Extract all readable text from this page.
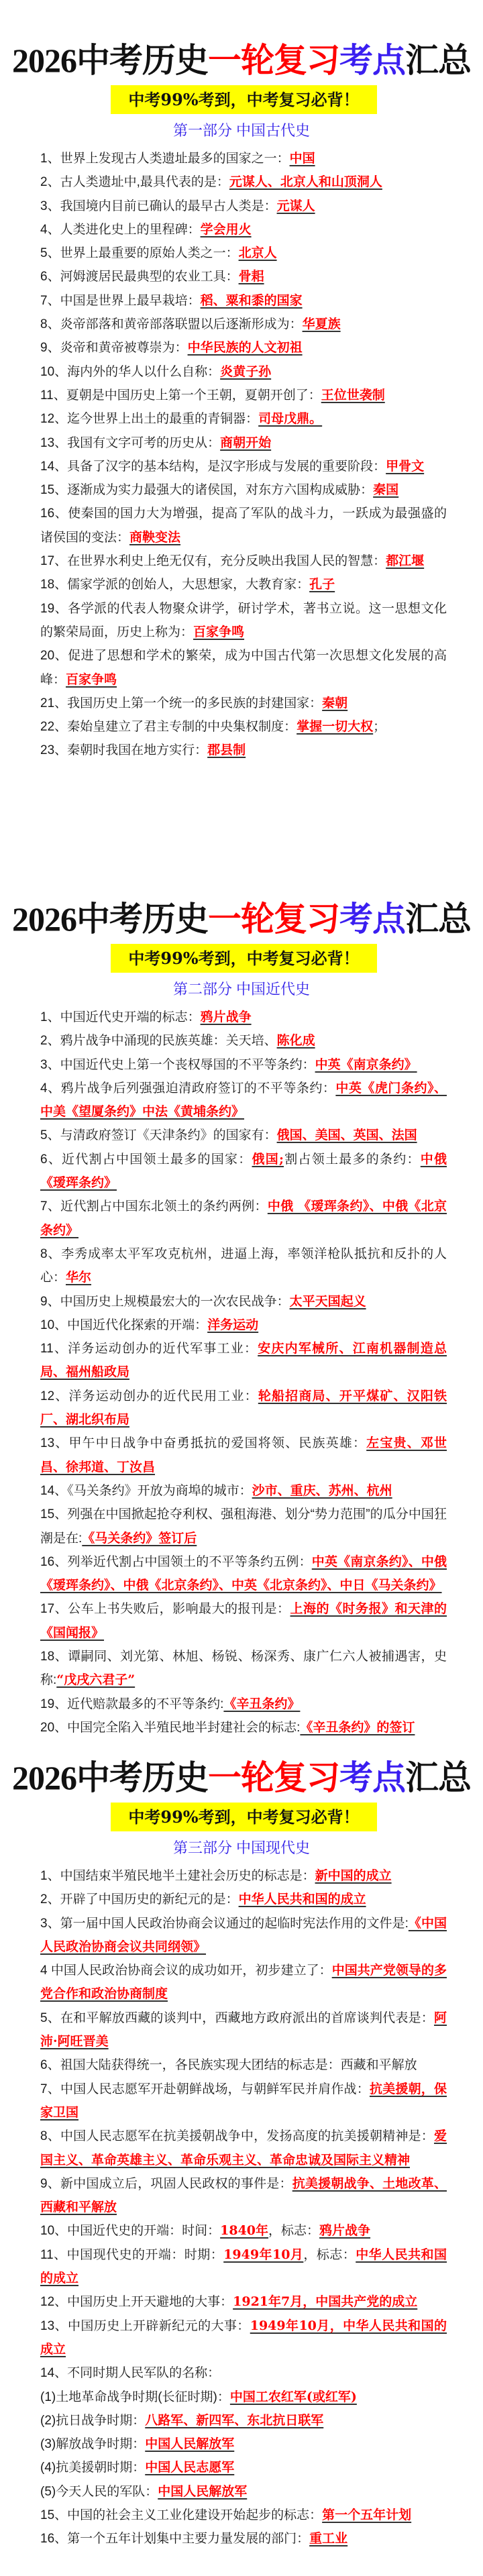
2026中考历史一轮复习考点汇总
中考99%考到，中考复习必背！
第一部分 中国古代史

1、世界上发现古人类遗址最多的国家之一：中国

2、古人类遗址中,最具代表的是：元谋人、北京人和山顶洞人

3、我国境内目前已确认的最早古人类是：元谋人

4、人类进化史上的里程碑：学会用火

5、世界上最重要的原始人类之一：北京人

6、河姆渡居民最典型的农业工具：骨耜

7、中国是世界上最早栽培：稻、粟和黍的国家

8、炎帝部落和黄帝部落联盟以后逐渐形成为：华夏族

9、炎帝和黄帝被尊崇为：中华民族的人文初祖

10、海内外的华人以什么自称：炎黄子孙

11、夏朝是中国历史上第一个王朝，夏朝开创了：王位世袭制

12、迄今世界上出土的最重的青铜器：司母戊鼎。

13、我国有文字可考的历史从：商朝开始

14、具备了汉字的基本结构，是汉字形成与发展的重要阶段：甲骨文

15、逐渐成为实力最强大的诸侯国，对东方六国构成威胁：秦国

16、使秦国的国力大为增强，提高了军队的战斗力，一跃成为最强盛的诸侯国的变法：商鞅变法

17、在世界水利史上绝无仅有，充分反映出我国人民的智慧：都江堰

18、儒家学派的创始人，大思想家，大教育家：孔子

19、各学派的代表人物聚众讲学，研讨学术，著书立说。这一思想文化的繁荣局面，历史上称为：百家争鸣

20、促进了思想和学术的繁荣，成为中国古代第一次思想文化发展的高峰：百家争鸣

21、我国历史上第一个统一的多民族的封建国家：秦朝

22、秦始皇建立了君主专制的中央集权制度：掌握一切大权；

23、秦朝时我国在地方实行：郡县制

2026中考历史一轮复习考点汇总
中考99%考到，中考复习必背！
第二部分 中国近代史

1、中国近代史开端的标志：鸦片战争

2、鸦片战争中涌现的民族英雄：关天培、陈化成

3、中国近代史上第一个丧权辱国的不平等条约：中英《南京条约》

4、鸦片战争后列强强迫清政府签订的不平等条约：中英《虎门条约》、中美《望厦条约》中法《黄埔条约》

5、与清政府签订《天津条约》的国家有：俄国、美国、英国、法国

6、近代割占中国领土最多的国家：俄国;割占领土最多的条约：中俄《瑷珲条约》

7、近代割占中国东北领土的条约两例：中俄 《瑷珲条约》、中俄《北京条约》

8、李秀成率太平军攻克杭州，进逼上海，率领洋枪队抵抗和反扑的人心：华尔

9、中国历史上规模最宏大的一次农民战争：太平天国起义

10、中国近代化探索的开端：洋务运动

11、洋务运动创办的近代军事工业：安庆内军械所、江南机器制造总局、福州船政局

12、洋务运动创办的近代民用工业：轮船招商局、开平煤矿、汉阳铁厂、湖北织布局

13、甲午中日战争中奋勇抵抗的爱国将领、民族英雄：左宝贵、邓世昌、徐邦道、丁汝昌

14、《马关条约》开放为商埠的城市：沙市、重庆、苏州、杭州

15、列强在中国掀起抢夺利权、强租海港、划分“势力范围”的瓜分中国狂潮是在:《马关条约》签订后

16、列举近代割占中国领土的不平等条约五例：中英《南京条约》、中俄《瑷珲条约》、中俄《北京条约》、中英《北京条约》、中日《马关条约》

17、公车上书失败后，影响最大的报刊是：上海的《时务报》和天津的《国闻报》

18、谭嗣同、刘光第、林旭、杨锐、杨深秀、康广仁六人被捕遇害，史称:“戊戌六君子”

19、近代赔款最多的不平等条约:《辛丑条约》

20、中国完全陷入半殖民地半封建社会的标志:《辛丑条约》的签订

2026中考历史一轮复习考点汇总
中考99%考到，中考复习必背！
第三部分 中国现代史

1、中国结束半殖民地半土建社会历史的标志是：新中国的成立

2、开辟了中国历史的新纪元的是：中华人民共和国的成立

3、第一届中国人民政治协商会议通过的起临时宪法作用的文件是:《中国人民政治协商会议共同纲领》

4 中国人民政治协商会议的成功如开，初步建立了：中国共产党领导的多党合作和政治协商制度

5、在和平解放西藏的谈判中，西藏地方政府派出的首席谈判代表是：阿沛·阿旺晋美

6、祖国大陆获得统一，各民族实现大团结的标志是：西藏和平解放

7、中国人民志愿军开赴朝鲜战场，与朝鲜军民并肩作战：抗美援朝，保家卫国

8、中国人民志愿军在抗美援朝战争中，发扬高度的抗美援朝精神是：爱国主义、革命英雄主义、革命乐观主义、革命忠诚及国际主义精神

9、新中国成立后，巩固人民政权的事件是：抗美援朝战争、土地改革、西藏和平解放

10、中国近代史的开端：时间：1840年，标志：鸦片战争

11、中国现代史的开端：时期：1949年10月，标志：中华人民共和国的成立

12、中国历史上开天避地的大事：1921年7月，中国共产党的成立

13、中国历史上开辟新纪元的大事：1949年10月，中华人民共和国的成立

14、不同时期人民军队的名称：

(1)土地革命战争时期(长征时期)：中国工农红军(或红军)

(2)抗日战争时期：八路军、新四军、东北抗日联军

(3)解放战争时期：中国人民解放军

(4)抗美援朝时期：中国人民志愿军

(5)今天人民的军队：中国人民解放军

15、中国的社会主义工业化建设开始起步的标志：第一个五年计划

16、第一个五年计划集中主要力量发展的部门：重工业
